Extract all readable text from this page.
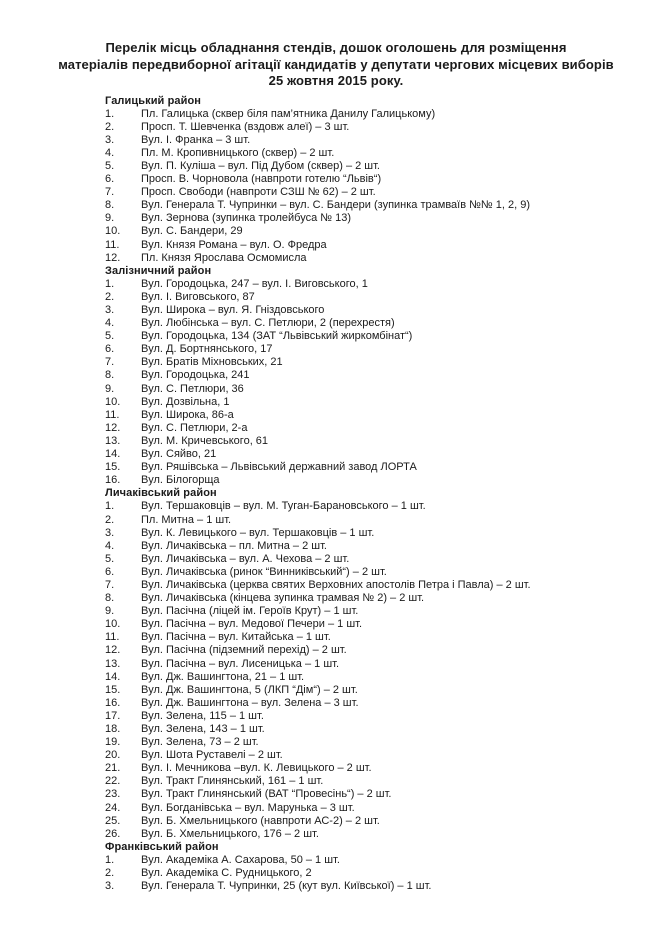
Перелік місць обладнання стендів, дошок оголошень для розміщення
матеріалів передвиборної агітації кандидатів у депутати чергових місцевих виборів
25 жовтня 2015 року.
Галицький район
1.	Пл. Галицька (сквер біля пам’ятника Данилу Галицькому)
2.	Просп. Т. Шевченка (вздовж алеї) – 3 шт.
3.	Вул. І. Франка – 3 шт.
4.	Пл. М. Кропивницького (сквер) – 2 шт.
5.	Вул. П. Куліша – вул. Під Дубом (сквер) – 2 шт.
6.	Просп. В. Чорновола (навпроти готелю “Львів“)
7.	Просп. Свободи (навпроти СЗШ № 62) – 2 шт.
8.	Вул. Генерала Т. Чупринки – вул. С. Бандери (зупинка трамваїв №№ 1, 2, 9)
9.	Вул. Зернова (зупинка тролейбуса № 13)
10.	Вул. С. Бандери, 29
11.	Вул. Князя Романа – вул. О. Фредра
12.	Пл. Князя Ярослава Осмомисла
Залізничний район
1.	Вул. Городоцька, 247 – вул. І. Виговського, 1
2.	Вул. І. Виговського, 87
3.	Вул. Широка – вул. Я. Гніздовського
4.	Вул. Любінська – вул. С. Петлюри, 2 (перехрестя)
5.	Вул. Городоцька, 134 (ЗАТ “Львівський жиркомбінат“)
6.	Вул. Д. Бортнянського, 17
7.	Вул. Братів Міхновських, 21
8.	Вул. Городоцька, 241
9.	Вул. С. Петлюри, 36
10.	Вул. Дозвільна, 1
11.	Вул. Широка, 86-а
12.	Вул. С. Петлюри, 2-а
13.	Вул. М. Кричевського, 61
14.	Вул. Сяйво, 21
15.	Вул. Ряшівська – Львівський державний завод ЛОРТА
16.	Вул. Білогорща
Личаківський район
1.	Вул. Тершаковців – вул. М. Туган-Барановського – 1 шт.
2.	Пл. Митна – 1 шт.
3.	Вул. К. Левицького – вул. Тершаковців – 1 шт.
4.	Вул. Личаківська – пл. Митна – 2 шт.
5.	Вул. Личаківська – вул. А. Чехова – 2 шт.
6.	Вул. Личаківська (ринок “Винниківський“) – 2 шт.
7.	Вул. Личаківська (церква святих Верховних апостолів Петра і Павла) – 2 шт.
8.	Вул. Личаківська (кінцева зупинка трамвая № 2) – 2 шт.
9.	Вул. Пасічна (ліцей ім. Героїв Крут) – 1 шт.
10.	Вул. Пасічна – вул. Медової Печери – 1 шт.
11.	Вул. Пасічна – вул. Китайська – 1 шт.
12.	Вул. Пасічна (підземний перехід) – 2 шт.
13.	Вул. Пасічна – вул. Лисеницька – 1 шт.
14.	Вул. Дж. Вашингтона, 21 – 1 шт.
15.	Вул. Дж. Вашингтона, 5 (ЛКП “Дім“) – 2 шт.
16.	Вул. Дж. Вашингтона – вул. Зелена – 3 шт.
17.	Вул. Зелена, 115 – 1 шт.
18.	Вул. Зелена, 143 – 1 шт.
19.	Вул. Зелена, 73 – 2 шт.
20.	Вул. Шота Руставелі – 2 шт.
21.	Вул. І. Мечникова –вул. К. Левицького – 2 шт.
22.	Вул. Тракт Глинянський, 161 – 1 шт.
23.	Вул. Тракт Глинянський (ВАТ “Провесінь“) – 2 шт.
24.	Вул. Богданівська – вул. Марунька – 3 шт.
25.	Вул. Б. Хмельницького (навпроти АС-2) – 2 шт.
26.	Вул. Б. Хмельницького, 176 – 2 шт.
Франківський район
1.	Вул. Академіка А. Сахарова, 50 – 1 шт.
2.	Вул. Академіка С. Рудницького, 2
3.	Вул. Генерала Т. Чупринки, 25 (кут вул. Київської) – 1 шт.
